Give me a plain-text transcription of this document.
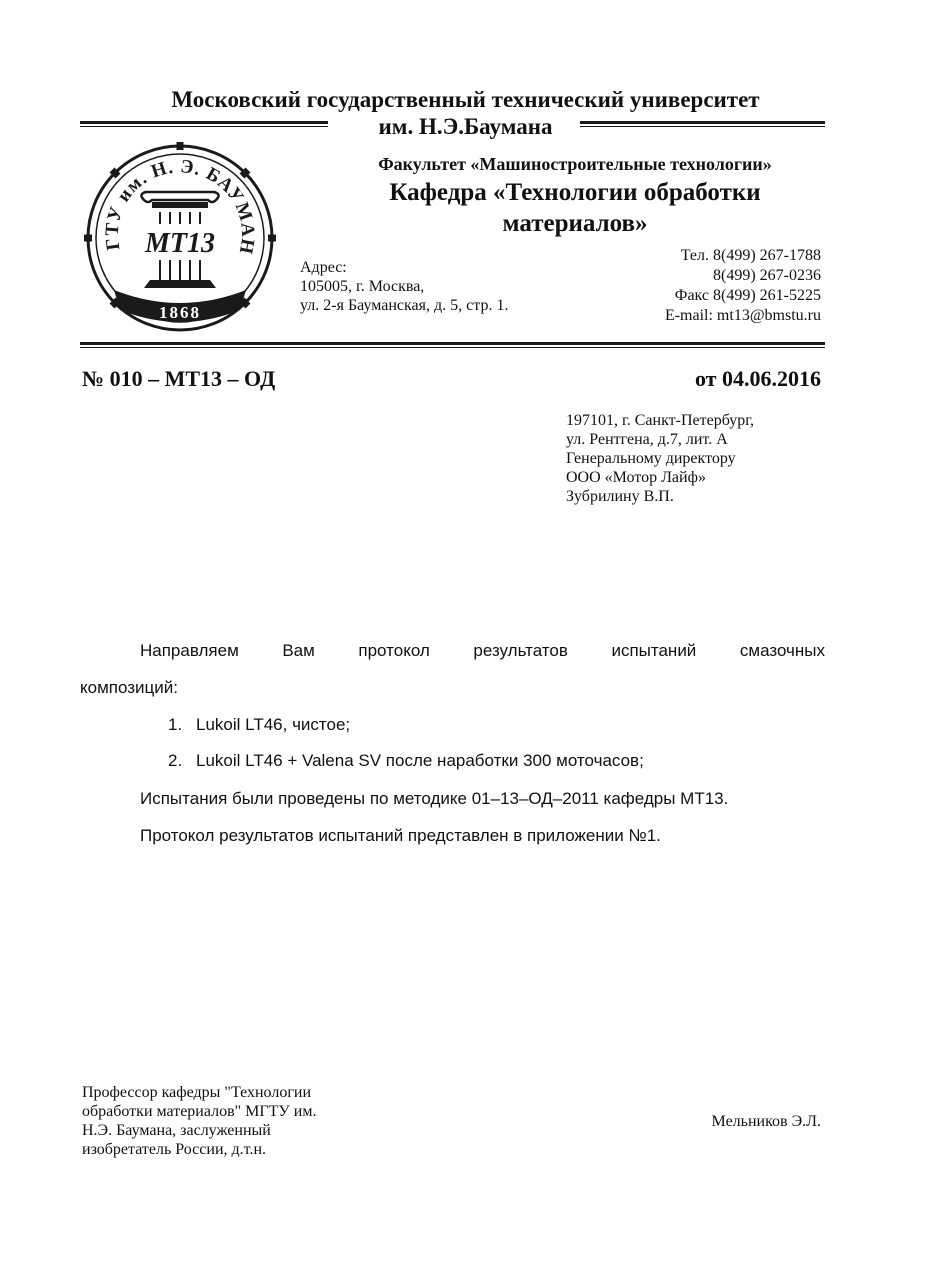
Московский государственный технический университет
им. Н.Э.Баумана
ГТУ им. Н. Э. БАУМАН
МТ13
1868
Факультет «Машиностроительные технологии»
Кафедра «Технологии обработки
материалов»
Адрес:
105005, г. Москва,
ул. 2-я Бауманская, д. 5, стр. 1.
Тел. 8(499) 267-1788
8(499) 267-0236
Факс 8(499) 261-5225
E-mail: mt13@bmstu.ru
№ 010 – МТ13 – ОД	от 04.06.2016
197101, г. Санкт-Петербург,
ул. Рентгена, д.7, лит. А
Генеральному директору
ООО «Мотор Лайф»
Зубрилину В.П.
Направляем Вам протокол результатов испытаний смазочных
композиций:
1. Lukoil LT46, чистое;
2. Lukoil LT46 + Valena SV после наработки 300 моточасов;
Испытания были проведены по методике 01–13–ОД–2011 кафедры МТ13.
Протокол результатов испытаний представлен в приложении №1.
Профессор кафедры "Технологии
обработки материалов" МГТУ им.
Н.Э. Баумана, заслуженный
изобретатель России, д.т.н.
Мельников Э.Л.
